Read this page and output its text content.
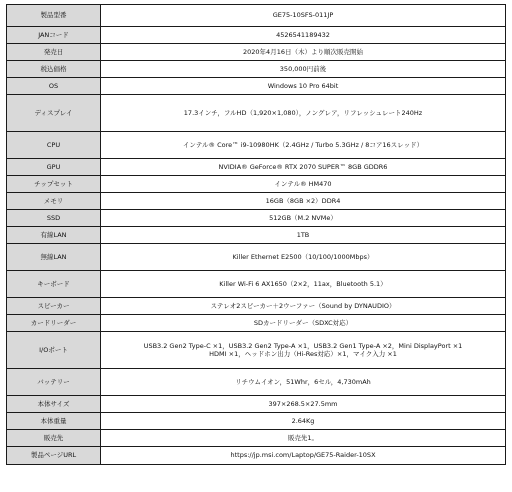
製品型番	GE75-10SFS-011JP
JANコード	4526541189432
発売日	2020年4月16日（木）より順次販売開始
税込価格	350,000円前後
OS	Windows 10 Pro 64bit
ディスプレイ	17.3インチ，フルHD（1,920×1,080），ノングレア，リフレッシュレート240Hz
CPU	インテル® Core™ i9-10980HK（2.4GHz / Turbo 5.3GHz / 8コア16スレッド）
GPU	NVIDIA® GeForce® RTX 2070 SUPER™ 8GB GDDR6
チップセット	インテル® HM470
メモリ	16GB（8GB ×2）DDR4
SSD	512GB（M.2 NVMe）
有線LAN	1TB
無線LAN	Killer Ethernet E2500（10/100/1000Mbps）
キーボード	Killer Wi-Fi 6 AX1650（2×2，11ax，Bluetooth 5.1）
スピーカー	ステレオ2スピーカー＋2ウーファー（Sound by DYNAUDIO）
カードリーダー	SDカードリーダー（SDXC対応）
I/Oポート	USB3.2 Gen2 Type-C ×1，USB3.2 Gen2 Type-A ×1，USB3.2 Gen1 Type-A ×2，Mini DisplayPort ×1
HDMI ×1，ヘッドホン出力（Hi-Res対応）×1，マイク入力 ×1
バッテリー	リチウムイオン，51Whr，6セル，4,730mAh
本体サイズ	397×268.5×27.5mm
本体重量	2.64Kg
販売先	販売先1。
製品ページURL	https://jp.msi.com/Laptop/GE75-Raider-10SX
